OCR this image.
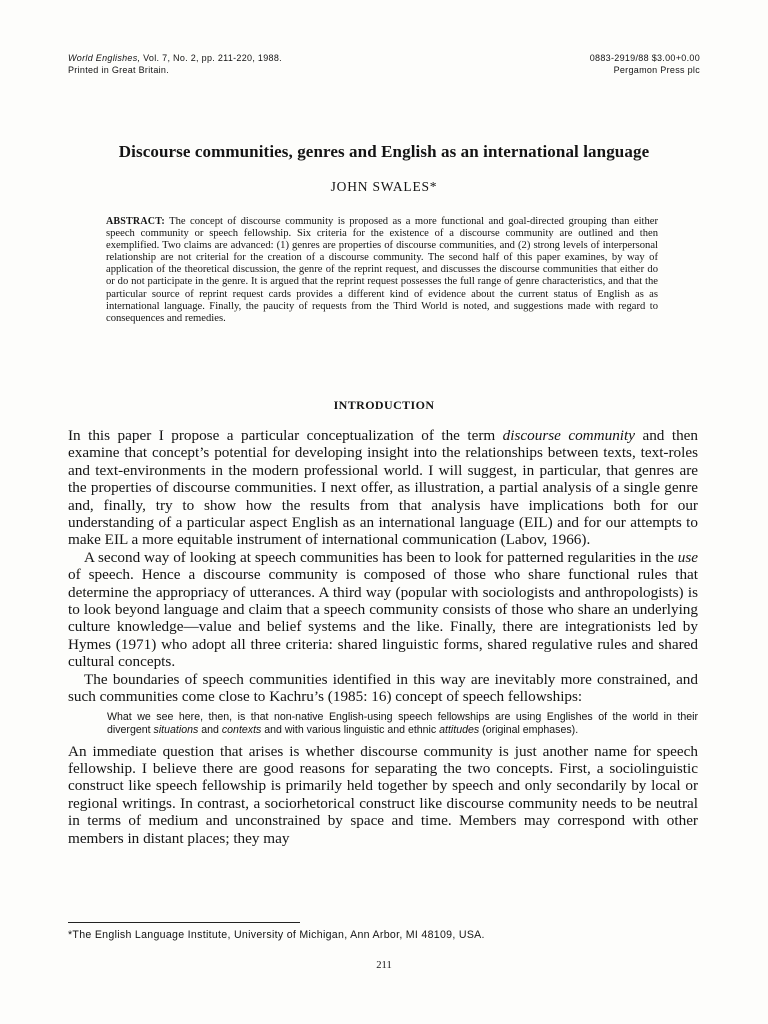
World Englishes, Vol. 7, No. 2, pp. 211-220, 1988.
Printed in Great Britain.
0883-2919/88 $3.00+0.00
Pergamon Press plc
Discourse communities, genres and English as an international language
JOHN SWALES*
ABSTRACT: The concept of discourse community is proposed as a more functional and goal-directed grouping than either speech community or speech fellowship. Six criteria for the existence of a discourse community are outlined and then exemplified. Two claims are advanced: (1) genres are properties of discourse communities, and (2) strong levels of interpersonal relationship are not criterial for the creation of a discourse community. The second half of this paper examines, by way of application of the theoretical discussion, the genre of the reprint request, and discusses the discourse communities that either do or do not participate in the genre. It is argued that the reprint request possesses the full range of genre characteristics, and that the particular source of reprint request cards provides a different kind of evidence about the current status of English as as international language. Finally, the paucity of requests from the Third World is noted, and suggestions made with regard to consequences and remedies.
INTRODUCTION

In this paper I propose a particular conceptualization of the term discourse community and then examine that concept’s potential for developing insight into the relationships between texts, text-roles and text-environments in the modern professional world. I will suggest, in particular, that genres are the properties of discourse communities. I next offer, as illustration, a partial analysis of a single genre and, finally, try to show how the results from that analysis have implications both for our understanding of a particular aspect English as an international language (EIL) and for our attempts to make EIL a more equitable instrument of international communication (Labov, 1966).

A second way of looking at speech communities has been to look for patterned regularities in the use of speech. Hence a discourse community is composed of those who share functional rules that determine the appropriacy of utterances. A third way (popular with sociologists and anthropologists) is to look beyond language and claim that a speech community consists of those who share an underlying culture knowledge—value and belief systems and the like. Finally, there are integrationists led by Hymes (1971) who adopt all three criteria: shared linguistic forms, shared regulative rules and shared cultural concepts.

The boundaries of speech communities identified in this way are inevitably more constrained, and such communities come close to Kachru’s (1985: 16) concept of speech fellowships:

What we see here, then, is that non-native English-using speech fellowships are using Englishes of the world in their divergent situations and contexts and with various linguistic and ethnic attitudes (original emphases).

An immediate question that arises is whether discourse community is just another name for speech fellowship. I believe there are good reasons for separating the two concepts. First, a sociolinguistic construct like speech fellowship is primarily held together by speech and only secondarily by local or regional writings. In contrast, a sociorhetorical construct like discourse community needs to be neutral in terms of medium and unconstrained by space and time. Members may correspond with other members in distant places; they may

*The English Language Institute, University of Michigan, Ann Arbor, MI 48109, USA.
211
